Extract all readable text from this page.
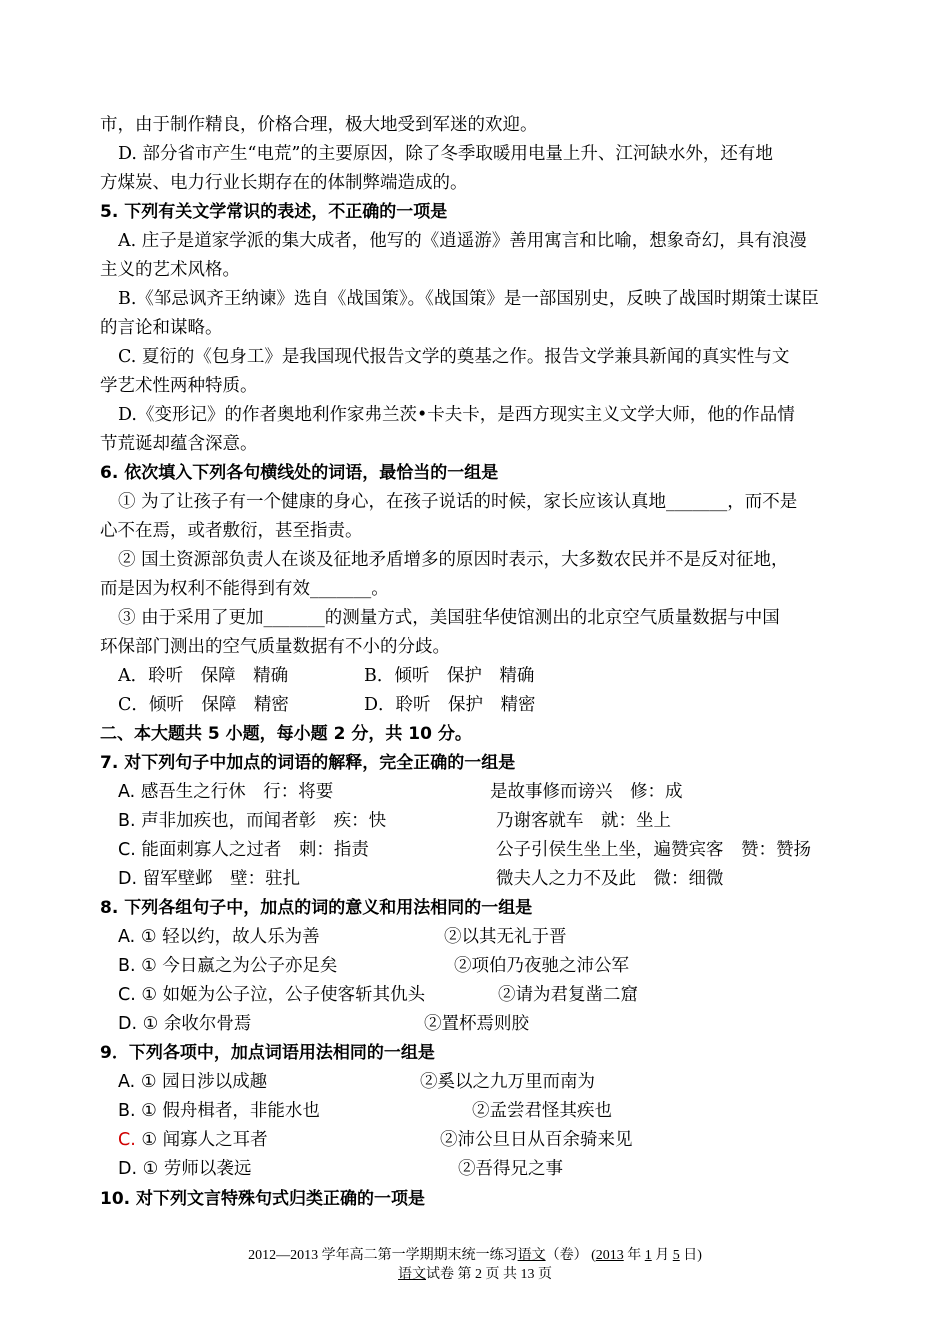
市，由于制作精良，价格合理，极大地受到军迷的欢迎。
D. 部分省市产生“电荒”的主要原因，除了冬季取暖用电量上升、江河缺水外，还有地
方煤炭、电力行业长期存在的体制弊端造成的。
5. 下列有关文学常识的表述，不正确的一项是
A. 庄子是道家学派的集大成者，他写的《逍遥游》善用寓言和比喻，想象奇幻，具有浪漫
主义的艺术风格。
B.《邹忌讽齐王纳谏》选自《战国策》。《战国策》是一部国别史，反映了战国时期策士谋臣
的言论和谋略。
C. 夏衍的《包身工》是我国现代报告文学的奠基之作。报告文学兼具新闻的真实性与文
学艺术性两种特质。
D.《变形记》的作者奥地利作家弗兰茨•卡夫卡，是西方现实主义文学大师，他的作品情
节荒诞却蕴含深意。
6. 依次填入下列各句横线处的词语，最恰当的一组是
① 为了让孩子有一个健康的身心，在孩子说话的时候，家长应该认真地_______，而不是
心不在焉，或者敷衍，甚至指责。
② 国土资源部负责人在谈及征地矛盾增多的原因时表示，大多数农民并不是反对征地，
而是因为权利不能得到有效_______。
③ 由于采用了更加_______的测量方式，美国驻华使馆测出的北京空气质量数据与中国
环保部门测出的空气质量数据有不小的分歧。
A．聆听　保障　精确	B．倾听　保护　精确
C．倾听　保障　精密	D．聆听　保护　精密
二、本大题共 5 小题，每小题 2 分，共 10 分。
7. 对下列句子中加点的词语的解释，完全正确的一组是
A. 感吾生之行休　行：将要	是故事修而谤兴　修：成
B. 声非加疾也，而闻者彰　疾：快	乃谢客就车　就：坐上
C. 能面刺寡人之过者　刺：指责	公子引侯生坐上坐，遍赞宾客　赞：赞扬
D. 留军壁邺　壁：驻扎	微夫人之力不及此　微：细微
8. 下列各组句子中，加点的词的意义和用法相同的一组是
A. ① 轻以约，故人乐为善	②以其无礼于晋
B. ① 今日嬴之为公子亦足矣	②项伯乃夜驰之沛公军
C. ① 如姬为公子泣，公子使客斩其仇头	②请为君复凿二窟
D. ① 余收尔骨焉	②置杯焉则胶
9．下列各项中，加点词语用法相同的一组是
A. ① 园日涉以成趣	②奚以之九万里而南为
B. ① 假舟楫者，非能水也	②孟尝君怪其疾也
C. ① 闻寡人之耳者	②沛公旦日从百余骑来见
D. ① 劳师以袭远	②吾得兄之事
10. 对下列文言特殊句式归类正确的一项是
2012—2013 学年高二第一学期期末统一练习语文（卷） (2013 年 1 月 5 日)
语文试卷 第 2 页 共 13 页
